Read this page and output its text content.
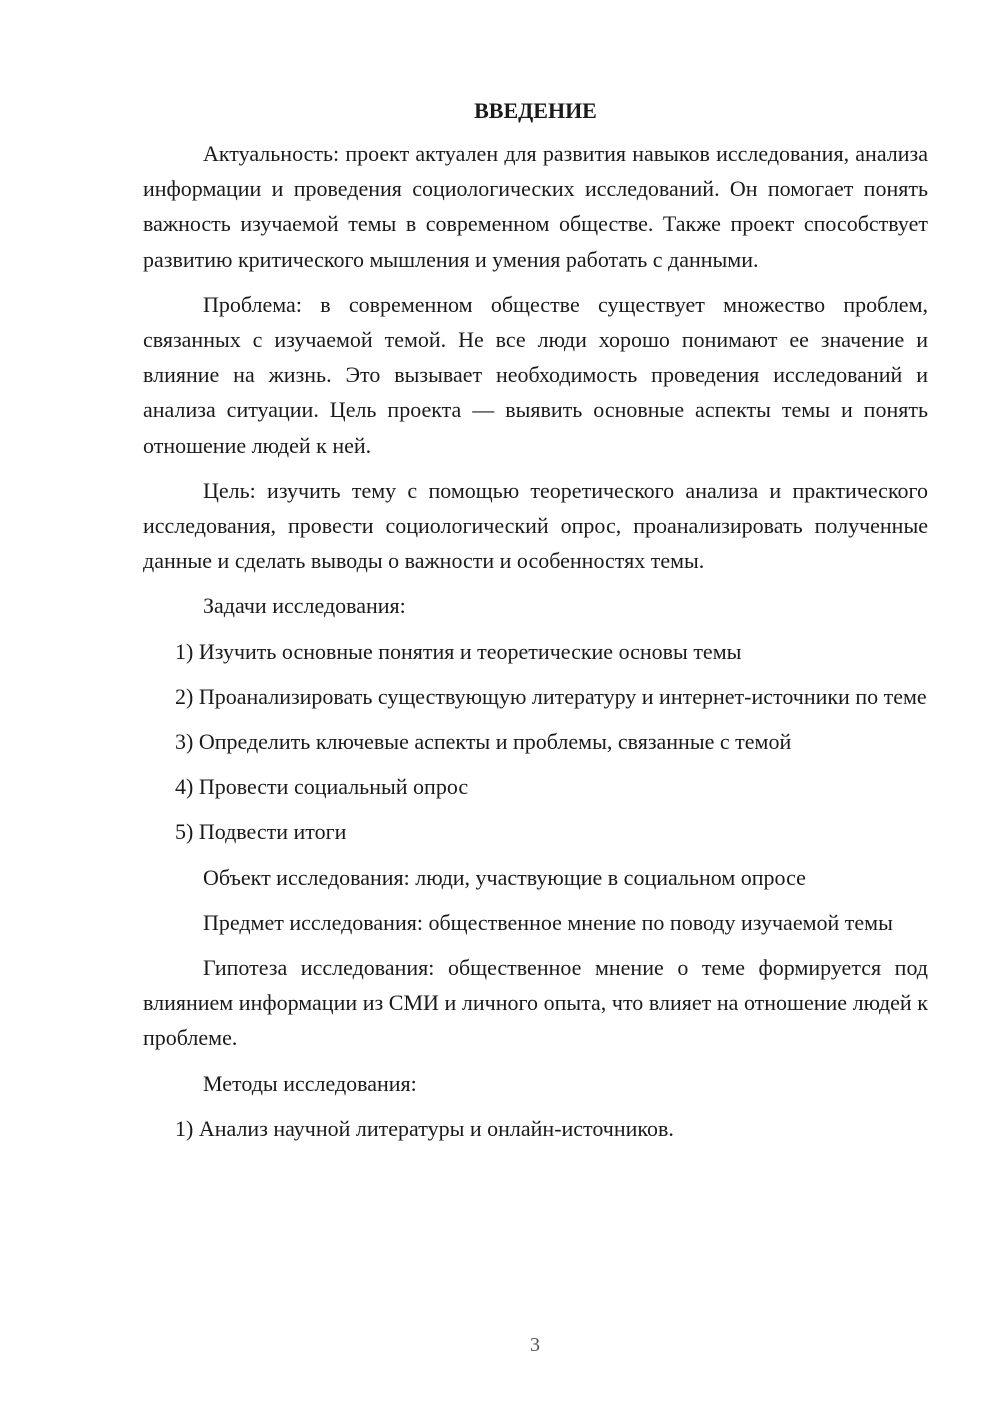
ВВЕДЕНИЕ

Актуальность: проект актуален для развития навыков исследования, анализа информации и проведения социологических исследований. Он помогает понять важность изучаемой темы в современном обществе. Также проект способствует развитию критического мышления и умения работать с данными.

Проблема: в современном обществе существует множество проблем, связанных с изучаемой темой. Не все люди хорошо понимают ее значение и влияние на жизнь. Это вызывает необходимость проведения исследований и анализа ситуации. Цель проекта — выявить основные аспекты темы и понять отношение людей к ней.

Цель: изучить тему с помощью теоретического анализа и практического исследования, провести социологический опрос, проанализировать полученные данные и сделать выводы о важности и особенностях темы.

Задачи исследования:

1) Изучить основные понятия и теоретические основы темы

2) Проанализировать существующую литературу и интернет-источники по теме

3) Определить ключевые аспекты и проблемы, связанные с темой

4) Провести социальный опрос

5) Подвести итоги

Объект исследования: люди, участвующие в социальном опросе

Предмет исследования: общественное мнение по поводу изучаемой темы

Гипотеза исследования: общественное мнение о теме формируется под влиянием информации из СМИ и личного опыта, что влияет на отношение людей к проблеме.

Методы исследования:

1) Анализ научной литературы и онлайн-источников.

3
